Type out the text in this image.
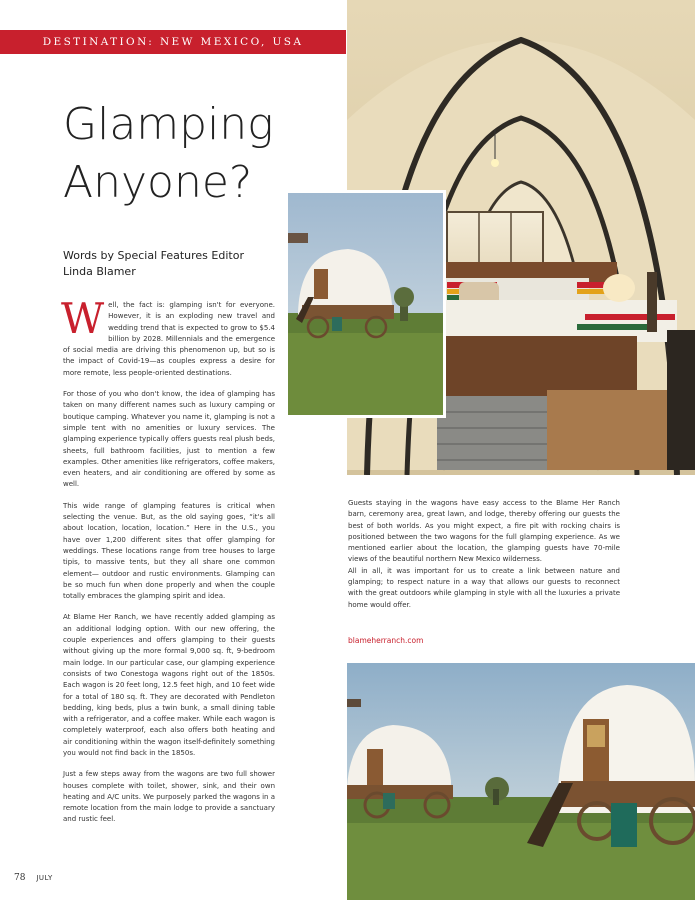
DESTINATION: NEW MEXICO, USA
Glamping
Anyone?
Words by Special Features Editor
Linda Blamer

Well, the fact is: glamping isn't for everyone. However, it is an exploding new travel and wedding trend that is expected to grow to $5.4 billion by 2028. Millennials and the emergence of social media are driving this phenomenon up, but so is the impact of Covid-19—as couples express a desire for more remote, less people-oriented destinations.

For those of you who don't know, the idea of glamping has taken on many different names such as luxury camping or boutique camping. Whatever you name it, glamping is not a simple tent with no amenities or luxury services. The glamping experience typically offers guests real plush beds, sheets, full bathroom facilities, just to mention a few examples. Other amenities like refrigerators, coffee makers, even heaters, and air conditioning are offered by some as well.

This wide range of glamping features is critical when selecting the venue. But, as the old saying goes, “it's all about location, location, location.” Here in the U.S., you have over 1,200 different sites that offer glamping for weddings. These locations range from tree houses to large tipis, to massive tents, but they all share one common element— outdoor and rustic environments. Glamping can be so much fun when done properly and when the couple totally embraces the glamping spirit and idea.

At Blame Her Ranch, we have recently added glamping as an additional lodging option. With our new offering, the couple experiences and offers glamping to their guests without giving up the more formal 9,000 sq. ft, 9-bedroom main lodge. In our particular case, our glamping experience consists of two Conestoga wagons right out of the 1850s. Each wagon is 20 feet long, 12.5 feet high, and 10 feet wide for a total of 180 sq. ft. They are decorated with Pendleton bedding, king beds, plus a twin bunk, a small dining table with a refrigerator, and a coffee maker. While each wagon is completely waterproof, each also offers both heating and air conditioning within the wagon itself-definitely something you would not find back in the 1850s.

Just a few steps away from the wagons are two full shower houses complete with toilet, shower, sink, and their own heating and A/C units. We purposely parked the wagons in a remote location from the main lodge to provide a sanctuary and rustic feel.

Guests staying in the wagons have easy access to the Blame Her Ranch barn, ceremony area, great lawn, and lodge, thereby offering our guests the best of both worlds. As you might expect, a fire pit with rocking chairs is positioned between the two wagons for the full glamping experience. As we mentioned earlier about the location, the glamping guests have 70-mile views of the beautiful northern New Mexico wilderness.

All in all, it was important for us to create a link between nature and glamping; to respect nature in a way that allows our guests to reconnect with the great outdoors while glamping in style with all the luxuries a private home would offer.

blameherranch.com
78 JULY
